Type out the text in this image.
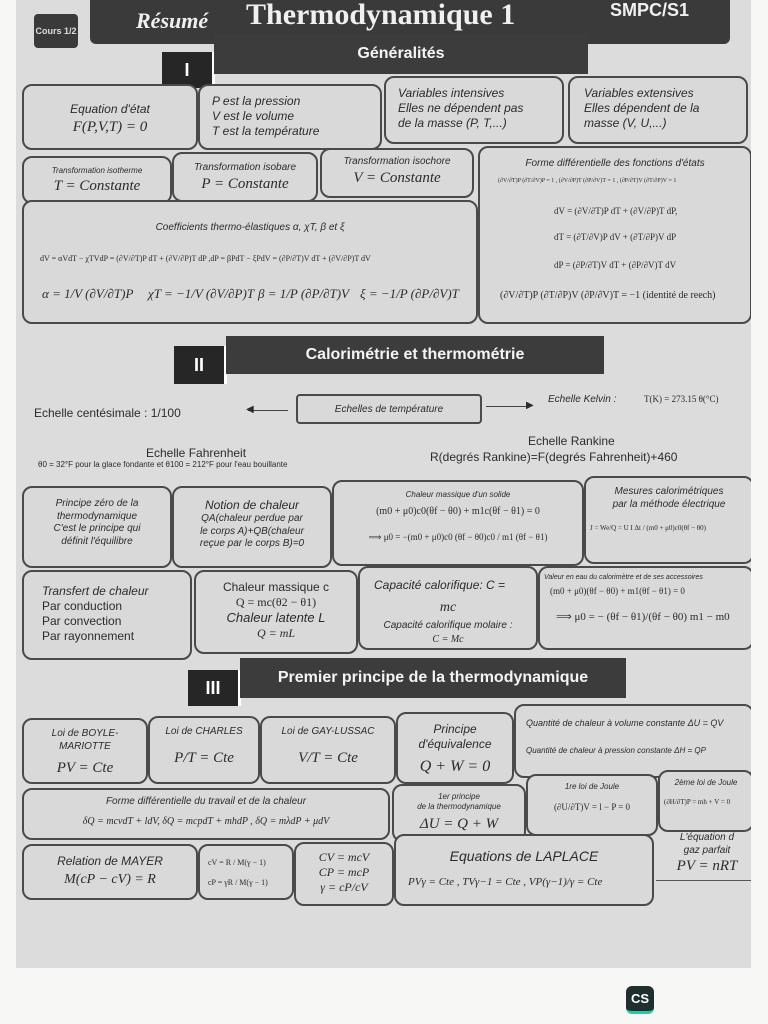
Cours 1/2	Résumé Thermodynamique 1	SMPC/S1
I
Généralités
Equation d'état
F(P,V,T) = 0
P est la pression
V est le volume
T est la température
Variables intensives
Elles ne dépendent pas
de la masse (P, T,...)
Variables extensives
Elles dépendent de la
masse (V, U,...)
Transformation isotherme
T = Constante
Transformation isobare
P = Constante
Transformation isochore
V = Constante
Coefficients thermo-élastiques α, χT, β et ξ
dV = αVdT − χTVdP = (∂V/∂T)P dT + (∂V/∂P)T dP ,dP = βPdT − ξPdV = (∂P/∂T)V dT + (∂V/∂P)T dV
α = 1/V (∂V/∂T)P χT = −1/V (∂V/∂P)T β = 1/P (∂P/∂T)V ξ = −1/P (∂P/∂V)T
Forme différentielle des fonctions d'états
(∂V/∂T)P (∂T/∂V)P = 1 , (∂V/∂P)T (∂P/∂V)T = 1 , (∂P/∂T)V (∂T/∂P)V = 1
dV = (∂V/∂T)P dT + (∂V/∂P)T dP,
dT = (∂T/∂V)P dV + (∂T/∂P)V dP
dP = (∂P/∂T)V dT + (∂P/∂V)T dV
(∂V/∂T)P (∂T/∂P)V (∂P/∂V)T = −1 (identité de reech)
II	Calorimétrie et thermométrie
Echelle centésimale : 1/100	◀	Echelles de température	▶
Echelle Kelvin :	T(K) = 273.15 θ(°C)
Echelle Fahrenheit
θ0 = 32°F pour la glace fondante et θ100 = 212°F pour l'eau bouillante
Echelle Rankine
R(degrés Rankine)=F(degrés Fahrenheit)+460
Principe zéro de la
thermodynamique
C'est le principe qui
définit l'équilibre
Notion de chaleur
QA(chaleur perdue par
le corps A)+QB(chaleur
reçue par le corps B)=0
Chaleur massique d'un solide
(m0 + μ0)c0(θf − θ0) + m1c(θf − θ1) = 0
⟹ μ0 = −(m0 + μ0)c0 (θf − θ0)c0 / m1 (θf − θ1)
Mesures calorimétriques
par la méthode électrique
J = We/Q = U I Δt / (m0 + μ0)c0(θf − θ0)
Transfert de chaleur
Par conduction
Par convection
Par rayonnement
Chaleur massique c
Q = mc(θ2 − θ1)
Chaleur latente L
Q = mL
Capacité calorifique: C =
mc
Capacité calorifique molaire :
C = Mc
Valeur en eau du calorimètre et de ses accessoires
(m0 + μ0)(θf − θ0) + m1(θf − θ1) = 0
⟹ μ0 = − (θf − θ1)/(θf − θ0) m1 − m0
III	Premier principe de la thermodynamique
Loi de BOYLE-
MARIOTTE
PV = Cte
Loi de CHARLES
P/T = Cte
Loi de GAY-LUSSAC
V/T = Cte
Principe
d'équivalence
Q + W = 0
Quantité de chaleur à volume constante ΔU = QV
Quantité de chaleur à pression constante ΔH = QP
Forme différentielle du travail et de la chaleur
δQ = mcvdT + ldV, δQ = mcpdT + mhdP , δQ = mλdP + μdV
1er principe
de la thermodynamique
ΔU = Q + W
1re loi de Joule
(∂U/∂T)V = l − P = 0
2ème loi de Joule
(∂H/∂T)P = mh + V = 0
Relation de MAYER
M(cP − cV) = R
cV = R / M(γ − 1)
cP = γR / M(γ − 1)
CV = mcV
CP = mcP
γ = cP/cV
Equations de LAPLACE
PVγ = Cte , TVγ−1 = Cte , VP(γ−1)/γ = Cte
L'équation d
gaz parfait
PV = nRT
CS
